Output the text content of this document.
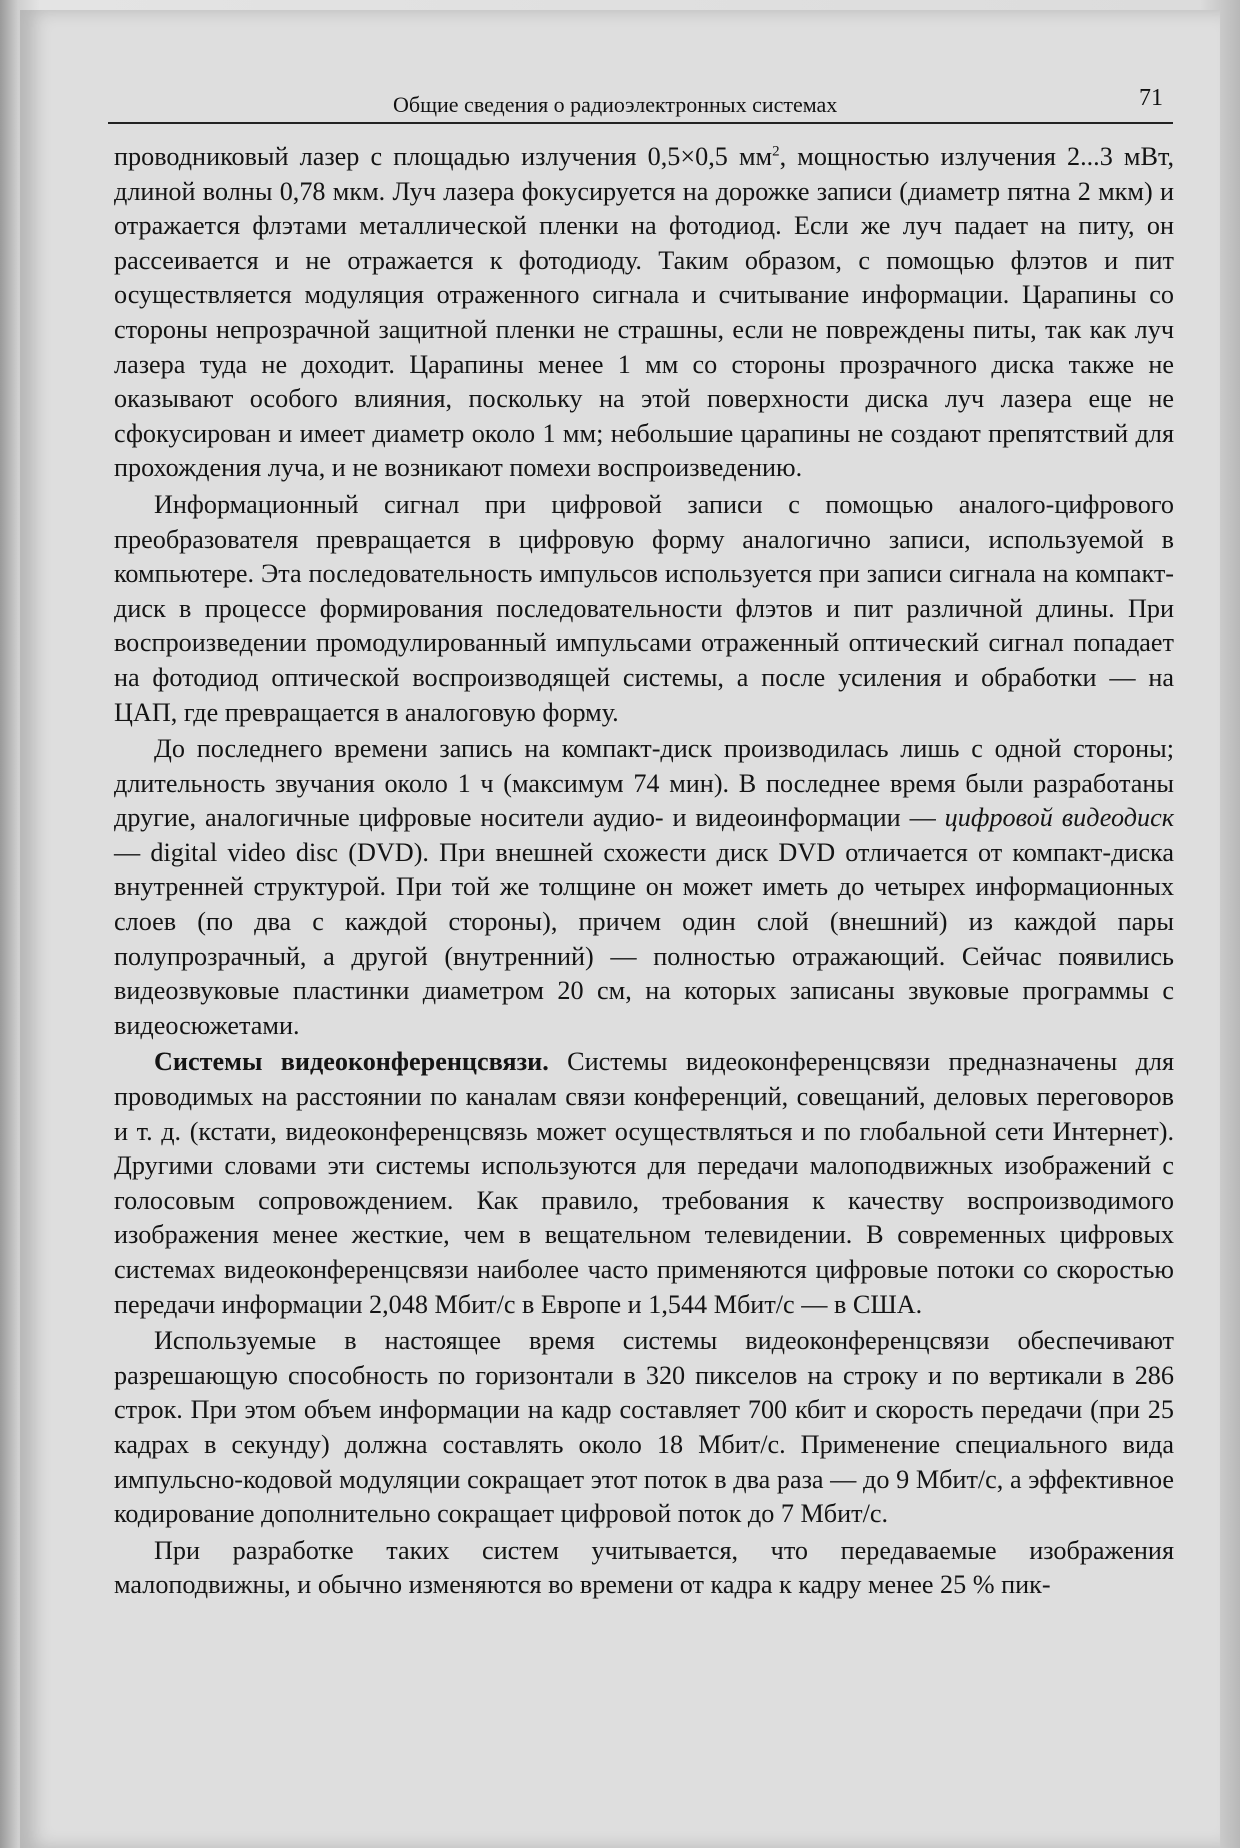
Общие сведения о радиоэлектронных системах	71

проводниковый лазер с площадью излучения 0,5×0,5 $мм^2$, мощностью излучения 2...3 мВт, длиной волны 0,78 мкм. Луч лазера фокусируется на дорожке записи (диаметр пятна 2 мкм) и отражается флэтами металлической пленки на фотодиод. Если же луч падает на питу, он рассеивается и не отражается к фотодиоду. Таким образом, с помощью флэтов и пит осуществляется модуляция отраженного сигнала и считывание информации. Царапины со стороны непрозрачной защитной пленки не страшны, если не повреждены питы, так как луч лазера туда не доходит. Царапины менее 1 мм со стороны прозрачного диска также не оказывают особого влияния, поскольку на этой поверхности диска луч лазера еще не сфокусирован и имеет диаметр около 1 мм; небольшие царапины не создают препятствий для прохождения луча, и не возникают помехи воспроизведению.

Информационный сигнал при цифровой записи с помощью аналого-цифрового преобразователя превращается в цифровую форму аналогично записи, используемой в компьютере. Эта последовательность импульсов используется при записи сигнала на компакт-диск в процессе формирования последовательности флэтов и пит различной длины. При воспроизведении промодулированный импульсами отраженный оптический сигнал попадает на фотодиод оптической воспроизводящей системы, а после усиления и обработки — на ЦАП, где превращается в аналоговую форму.

До последнего времени запись на компакт-диск производилась лишь с одной стороны; длительность звучания около 1 ч (максимум 74 мин). В последнее время были разработаны другие, аналогичные цифровые носители аудио- и видеоинформации — цифровой видеодиск — digital video disc (DVD). При внешней схожести диск DVD отличается от компакт-диска внутренней структурой. При той же толщине он может иметь до четырех информационных слоев (по два с каждой стороны), причем один слой (внешний) из каждой пары полупрозрачный, а другой (внутренний) — полностью отражающий. Сейчас появились видеозвуковые пластинки диаметром 20 см, на которых записаны звуковые программы с видеосюжетами.

Системы видеоконференцсвязи. Системы видеоконференцсвязи предназначены для проводимых на расстоянии по каналам связи конференций, совещаний, деловых переговоров и т. д. (кстати, видеоконференцсвязь может осуществляться и по глобальной сети Интернет). Другими словами эти системы используются для передачи малоподвижных изображений с голосовым сопровождением. Как правило, требования к качеству воспроизводимого изображения менее жесткие, чем в вещательном телевидении. В современных цифровых системах видеоконференцсвязи наиболее часто применяются цифровые потоки со скоростью передачи информации 2,048 Мбит/с в Европе и 1,544 Мбит/с — в США.

Используемые в настоящее время системы видеоконференцсвязи обеспечивают разрешающую способность по горизонтали в 320 пикселов на строку и по вертикали в 286 строк. При этом объем информации на кадр составляет 700 кбит и скорость передачи (при 25 кадрах в секунду) должна составлять около 18 Мбит/с. Применение специального вида импульсно-кодовой модуляции сокращает этот поток в два раза — до 9 Мбит/с, а эффективное кодирование дополнительно сокращает цифровой поток до 7 Мбит/с.

При разработке таких систем учитывается, что передаваемые изображения малоподвижны, и обычно изменяются во времени от кадра к кадру менее 25 % пик-
